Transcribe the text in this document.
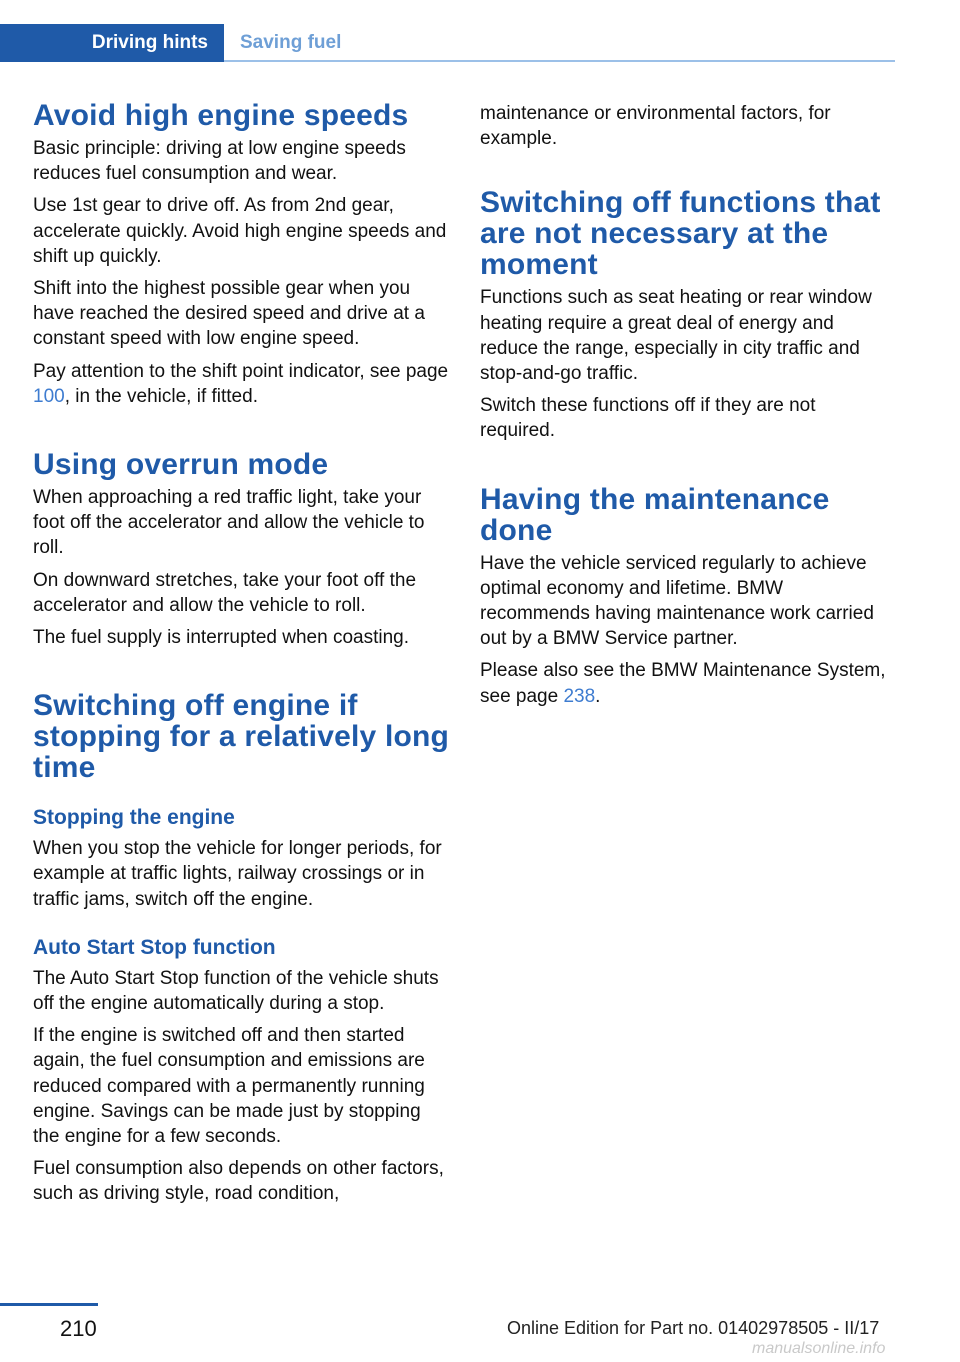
Driving hints	Saving fuel
Avoid high engine speeds

Basic principle: driving at low engine speeds reduces fuel consumption and wear.

Use 1st gear to drive off. As from 2nd gear, accelerate quickly. Avoid high engine speeds and shift up quickly.

Shift into the highest possible gear when you have reached the desired speed and drive at a constant speed with low engine speed.

Pay attention to the shift point indicator, see page 100, in the vehicle, if fitted.

Using overrun mode

When approaching a red traffic light, take your foot off the accelerator and allow the vehicle to roll.

On downward stretches, take your foot off the accelerator and allow the vehicle to roll.

The fuel supply is interrupted when coasting.

Switching off engine if stopping for a relatively long time
Stopping the engine

When you stop the vehicle for longer periods, for example at traffic lights, railway crossings or in traffic jams, switch off the engine.

Auto Start Stop function

The Auto Start Stop function of the vehicle shuts off the engine automatically during a stop.

If the engine is switched off and then started again, the fuel consumption and emissions are reduced compared with a permanently running engine. Savings can be made just by stopping the engine for a few seconds.

Fuel consumption also depends on other factors, such as driving style, road condition,

maintenance or environmental factors, for example.

Switching off functions that are not necessary at the moment

Functions such as seat heating or rear window heating require a great deal of energy and reduce the range, especially in city traffic and stop-and-go traffic.

Switch these functions off if they are not required.

Having the maintenance done

Have the vehicle serviced regularly to achieve optimal economy and lifetime. BMW recommends having maintenance work carried out by a BMW Service partner.

Please also see the BMW Maintenance System, see page 238.

210	Online Edition for Part no. 01402978505 - II/17
manualsonline.info
